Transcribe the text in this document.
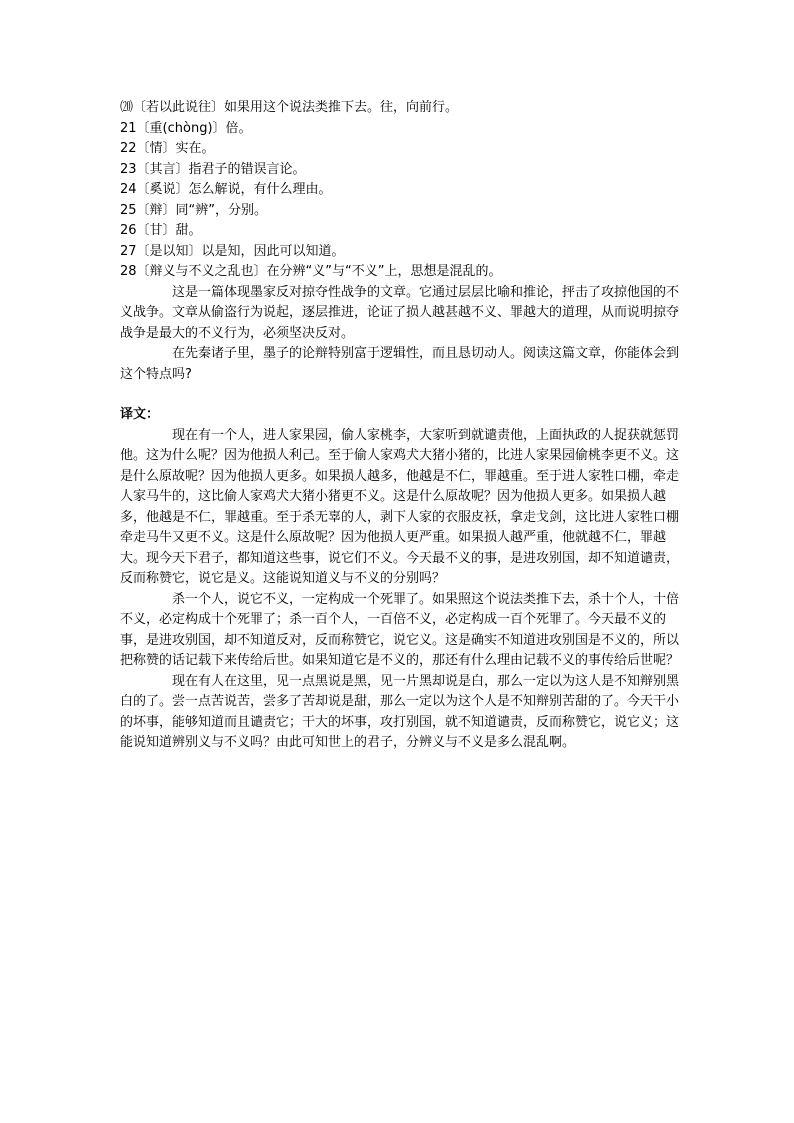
⒇〔若以此说往〕如果用这个说法类推下去。往，向前行。
21〔重(chòng)〕倍。
22〔情〕实在。
23〔其言〕指君子的错误言论。
24〔奚说〕怎么解说，有什么理由。
25〔辩〕同“辨”，分别。
26〔甘〕甜。
27〔是以知〕以是知，因此可以知道。
28〔辩义与不义之乱也〕在分辨“义”与“不义”上，思想是混乱的。

这是一篇体现墨家反对掠夺性战争的文章。它通过层层比喻和推论，抨击了攻掠他国的不义战争。文章从偷盗行为说起，逐层推进，论证了损人越甚越不义、罪越大的道理，从而说明掠夺战争是最大的不义行为，必须坚决反对。

在先秦诸子里，墨子的论辩特别富于逻辑性，而且恳切动人。阅读这篇文章，你能体会到这个特点吗?

译文：

现在有一个人，进人家果园，偷人家桃李，大家听到就谴责他，上面执政的人捉获就惩罚他。这为什么呢？因为他损人利己。至于偷人家鸡犬大猪小猪的，比进人家果园偷桃李更不义。这是什么原故呢？因为他损人更多。如果损人越多，他越是不仁，罪越重。至于进人家牲口棚，牵走人家马牛的，这比偷人家鸡犬大猪小猪更不义。这是什么原故呢？因为他损人更多。如果损人越多，他越是不仁，罪越重。至于杀无辜的人，剥下人家的衣服皮袄，拿走戈剑，这比进人家牲口棚牵走马牛又更不义。这是什么原故呢？因为他损人更严重。如果损人越严重，他就越不仁，罪越大。现今天下君子，都知道这些事，说它们不义。今天最不义的事，是进攻别国，却不知道谴责，反而称赞它，说它是义。这能说知道义与不义的分别吗？

杀一个人，说它不义，一定构成一个死罪了。如果照这个说法类推下去，杀十个人，十倍不义，必定构成十个死罪了；杀一百个人，一百倍不义，必定构成一百个死罪了。今天最不义的事，是进攻别国，却不知道反对，反而称赞它，说它义。这是确实不知道进攻别国是不义的，所以把称赞的话记载下来传给后世。如果知道它是不义的，那还有什么理由记载不义的事传给后世呢？

现在有人在这里，见一点黑说是黑，见一片黑却说是白，那么一定以为这人是不知辩别黑白的了。尝一点苦说苦，尝多了苦却说是甜，那么一定以为这个人是不知辩别苦甜的了。今天干小的坏事，能够知道而且谴责它；干大的坏事，攻打别国，就不知道谴责，反而称赞它，说它义；这能说知道辨别义与不义吗？由此可知世上的君子，分辨义与不义是多么混乱啊。
